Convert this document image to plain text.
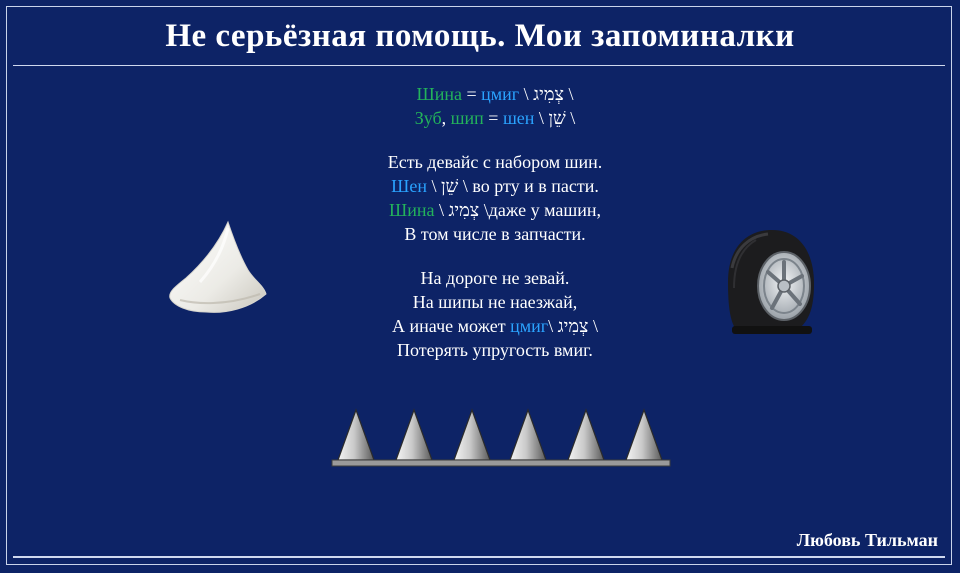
Не серьёзная помощь. Мои запоминалки
Шина = цмиг \ צְמִיג \
Зуб, шип = шен \ שֵׁן \
Есть девайс с набором шин.
Шен \ שֵׁן \ во рту и в пасти.
Шина \ צְמִיג \даже у машин,
В том числе в запчасти.
На дороге не зевай.
На шипы не наезжай,
А иначе может цмиг\ צְמִיג \
Потерять упругость вмиг.
Любовь Тильман
